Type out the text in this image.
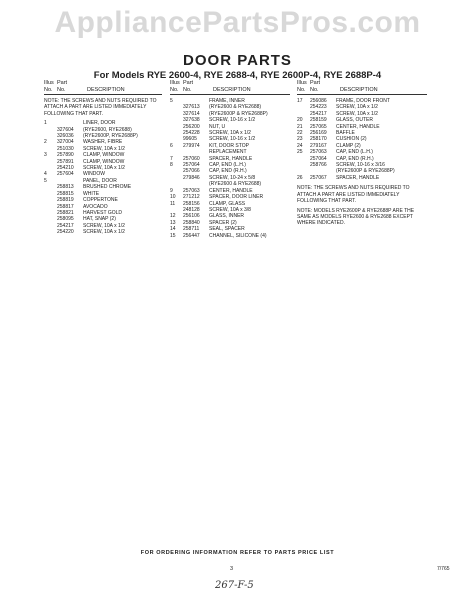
AppliancePartsPros.com
DOOR PARTS
For Models RYE 2600-4, RYE 2688-4, RYE 2600P-4, RYE 2688P-4
Illus
No.
Part
No.
	DESCRIPTION
NOTE: THE SCREWS AND NUTS REQUIRED TO ATTACH A PART ARE LISTED IMMEDIATELY FOLLOWING THAT PART.
1	LINER, DOOR
327604	(RYE2600, RYE2688)
326036	(RYE2600P, RYE2688P)
2	327004	WASHER, FIBRE
251030	SCREW, 10A x 1/2
3	257890	CLAMP, WINDOW
257891	CLAMP, WINDOW
254210	SCREW, 10A x 1/2
4	257604	WINDOW
5	PANEL, DOOR
258813	BRUSHED CHROME
258815	WHITE
258819	COPPERTONE
258817	AVOCADO
258821	HARVEST GOLD
258095	HAT, SNAP (2)
254217	SCREW, 10A x 1/2
254220	SCREW, 10A x 1/2
Illus
No.
Part
No.
	DESCRIPTION
5	FRAME, INNER
327613	(RYE2600 & RYE2688)
327614	(RYE2600P & RYE2688P)
327638	SCREW, 10-16 x 1/2
256200	NUT, U
254228	SCREW, 10A x 1/2
99605	SCREW, 10-16 x 1/2
6	279974	KIT, DOOR STOP
REPLACEMENT
7	257060	SPACER, HANDLE
8	257064	CAP, END (L.H.)
257066	CAP, END (R.H.)
279846	SCREW, 10-24 x 5/8
(RYE2600 & RYE2688)
9	257063	CENTER, HANDLE
10	271212	SPACER, DOOR LINER
11	258156	CLAMP, GLASS
248128	SCREW, 10A x 3/8
12	256106	GLASS, INNER
13	258840	SPACER (2)
14	258711	SEAL, SPACER
15	256447	CHANNEL, SILICONE (4)
Illus
No.
Part
No.
	DESCRIPTION
17	256086	FRAME, DOOR FRONT
254223	SCREW, 10A x 1/2
254217	SCREW, 10A x 1/2
20	258159	GLASS, OUTER
21	257065	CENTER, HANDLE
22	256169	BAFFLE
23	258170	CUSHION (2)
24	279167	CLAMP (2)
25	257063	CAP, END (L.H.)
257064	CAP, END (R.H.)
258766	SCREW, 10-16 x 3/16
(RYE2600P & RYE2688P)
26	257067	SPACER, HANDLE
NOTE: THE SCREWS AND NUTS REQUIRED TO ATTACH A PART ARE LISTED IMMEDIATELY FOLLOWING THAT PART.
NOTE: MODELS RYE2600P & RYE2688P ARE THE SAME AS MODELS RYE2600 & RYE2688 EXCEPT WHERE INDICATED.
FOR ORDERING INFORMATION REFER TO PARTS PRICE LIST
3	7/765
267-F-5
